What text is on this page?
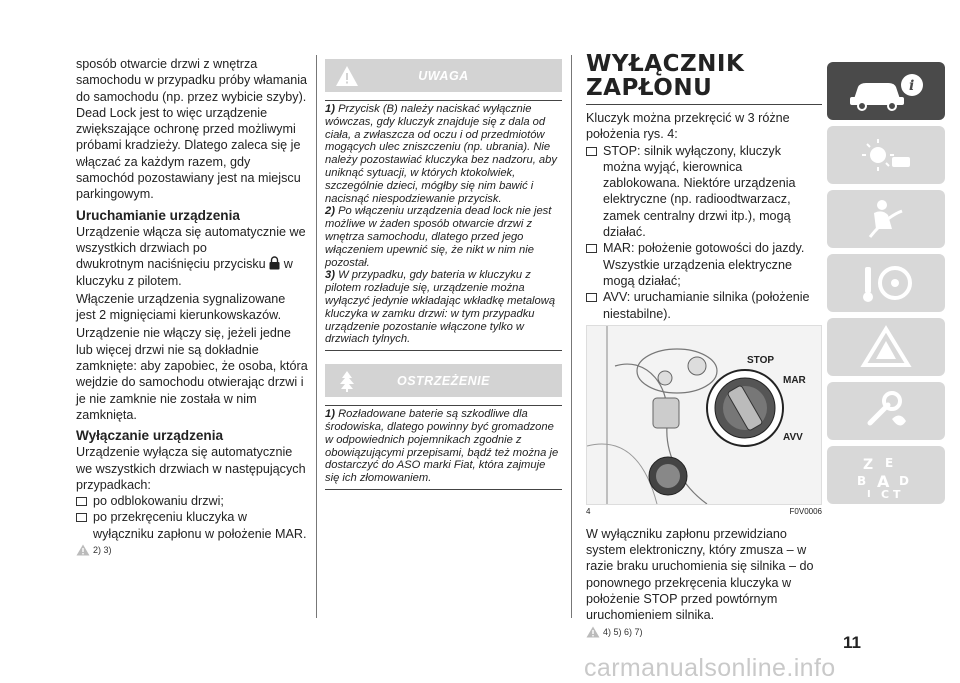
sposób otwarcie drzwi z wnętrza samochodu w przypadku próby włamania do samochodu (np. przez wybicie szyby).

Dead Lock jest to więc urządzenie zwiększające ochronę przed możliwymi próbami kradzieży. Dlatego zaleca się je włączać za każdym razem, gdy samochód pozostawiany jest na miejscu parkingowym.

Uruchamianie urządzenia

Urządzenie włącza się automatycznie we wszystkich drzwiach po

dwukrotnym naciśnięciu przycisku w kluczyku z pilotem.

Włączenie urządzenia sygnalizowane jest 2 mignięciami kierunkowskazów.

Urządzenie nie włączy się, jeżeli jedne lub więcej drzwi nie są dokładnie zamknięte: aby zapobiec, że osoba, która wejdzie do samochodu otwierając drzwi i je nie zamknie nie została w nim zamknięta.

Wyłączanie urządzenia

Urządzenie wyłącza się automatycznie we wszystkich drzwiach w następujących przypadkach:

po odblokowaniu drzwi;
po przekręceniu kluczyka w wyłączniku zapłonu w położenie MAR.
2) 3)
UWAGA

1) Przycisk (B) należy naciskać wyłącznie wówczas, gdy kluczyk znajduje się z dala od ciała, a zwłaszcza od oczu i od przedmiotów mogących ulec zniszczeniu (np. ubrania). Nie należy pozostawiać kluczyka bez nadzoru, aby uniknąć sytuacji, w których ktokolwiek, szczególnie dzieci, mógłby się nim bawić i nacisnąć niespodziewanie przycisk.

2) Po włączeniu urządzenia dead lock nie jest możliwe w żaden sposób otwarcie drzwi z wnętrza samochodu, dlatego przed jego włączeniem upewnić się, że nikt w nim nie pozostał.

3) W przypadku, gdy bateria w kluczyku z pilotem rozładuje się, urządzenie można wyłączyć jedynie wkładając wkładkę metalową kluczyka w zamku drzwi: w tym przypadku urządzenie pozostanie włączone tylko w drzwiach tylnych.

OSTRZEŻENIE

1) Rozładowane baterie są szkodliwe dla środowiska, dlatego powinny być gromadzone w odpowiednich pojemnikach zgodnie z obowiązującymi przepisami, bądź też można je dostarczyć do ASO marki Fiat, która zajmuje się ich złomowaniem.

WYŁĄCZNIK
ZAPŁONU

Kluczyk można przekręcić w 3 różne położenia rys. 4:

STOP: silnik wyłączony, kluczyk można wyjąć, kierownica zablokowana. Niektóre urządzenia elektryczne (np. radioodtwarzacz, zamek centralny drzwi itp.), mogą działać.
MAR: położenie gotowości do jazdy. Wszystkie urządzenia elektryczne mogą działać;
AVV: uruchamianie silnika (położenie niestabilne).
STOP
MAR
AVV
4	F0V0006

W wyłączniku zapłonu przewidziano system elektroniczny, który zmusza – w razie braku uruchomienia się silnika – do ponownego przekręcenia kluczyka w położenie STOP przed powtórnym uruchomieniem silnika.

4) 5) 6) 7)
i
Z E
B A D
I C T
11
carmanualsonline.info
